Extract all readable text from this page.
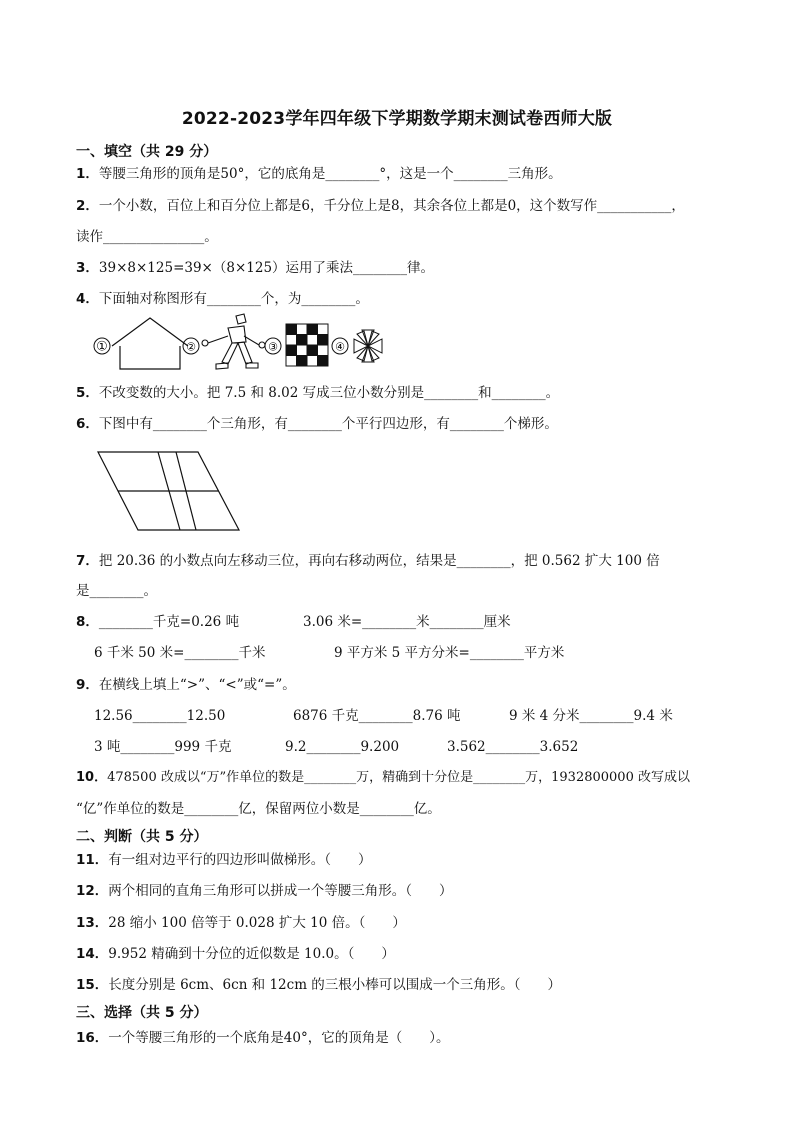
2022-2023学年四年级下学期数学期末测试卷西师大版
一、填空（共 29 分）
1．等腰三角形的顶角是50°，它的底角是________°，这是一个________三角形。
2．一个小数，百位上和百分位上都是6，千分位上是8，其余各位上都是0，这个数写作___________，
读作_______________。
3．39×8×125=39×（8×125）运用了乘法________律。
4．下面轴对称图形有________个，为________。
①	②	③	④
5．不改变数的大小。把 7.5 和 8.02 写成三位小数分别是________和________。
6．下图中有________个三角形，有________个平行四边形，有________个梯形。
7．把 20.36 的小数点向左移动三位，再向右移动两位，结果是________，把 0.562 扩大 100 倍
是________。
8．________千克=0.26 吨	3.06 米=________米________厘米
6 千米 50 米=________千米	9 平方米 5 平方分米=________平方米
9．在横线上填上“>”、“<”或“=”。
12.56________12.50	6876 千克________8.76 吨	9 米 4 分米________9.4 米
3 吨________999 千克	9.2________9.200	3.562________3.652
10．478500 改成以“万”作单位的数是________万，精确到十分位是________万，1932800000 改写成以
“亿”作单位的数是________亿，保留两位小数是________亿。
二、判断（共 5 分）
11．有一组对边平行的四边形叫做梯形。（　　）
12．两个相同的直角三角形可以拼成一个等腰三角形。（　　）
13．28 缩小 100 倍等于 0.028 扩大 10 倍。（　　）
14．9.952 精确到十分位的近似数是 10.0。（　　）
15．长度分别是 6cm、6cn 和 12cm 的三根小棒可以围成一个三角形。（　　）
三、选择（共 5 分）
16．一个等腰三角形的一个底角是40°，它的顶角是（　　）。
